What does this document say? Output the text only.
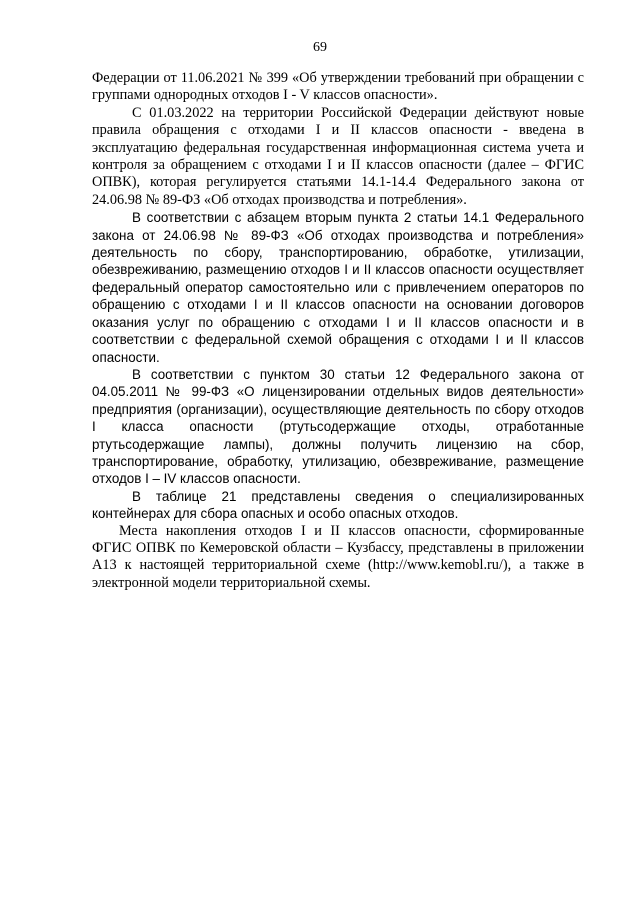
69

Федерации от 11.06.2021 № 399 «Об утверждении требований при обращении с группами однородных отходов I - V классов опасности».

С 01.03.2022 на территории Российской Федерации действуют новые правила обращения с отходами I и II классов опасности - введена в эксплуатацию федеральная государственная информационная система учета и контроля за обращением с отходами I и II классов опасности (далее – ФГИС ОПВК), которая регулируется статьями 14.1-14.4 Федерального закона от 24.06.98 № 89-ФЗ «Об отходах производства и потребления».

В соответствии с абзацем вторым пункта 2 статьи 14.1 Федерального закона от 24.06.98 № 89-ФЗ «Об отходах производства и потребления» деятельность по сбору, транспортированию, обработке, утилизации, обезвреживанию, размещению отходов I и II классов опасности осуществляет федеральный оператор самостоятельно или с привлечением операторов по обращению с отходами I и II классов опасности на основании договоров оказания услуг по обращению с отходами I и II классов опасности и в соответствии с федеральной схемой обращения с отходами I и II классов опасности.

В соответствии с пунктом 30 статьи 12 Федерального закона от 04.05.2011 № 99-ФЗ «О лицензировании отдельных видов деятельности» предприятия (организации), осуществляющие деятельность по сбору отходов I класса опасности (ртутьсодержащие отходы, отработанные ртутьсодержащие лампы), должны получить лицензию на сбор, транспортирование, обработку, утилизацию, обезвреживание, размещение отходов I – IV классов опасности.

В таблице 21 представлены сведения о специализированных контейнерах для сбора опасных и особо опасных отходов.

Места накопления отходов I и II классов опасности, сформированные ФГИС ОПВК по Кемеровской области – Кузбассу, представлены в приложении А13 к настоящей территориальной схеме (http://www.kemobl.ru/), а также в электронной модели территориальной схемы.
